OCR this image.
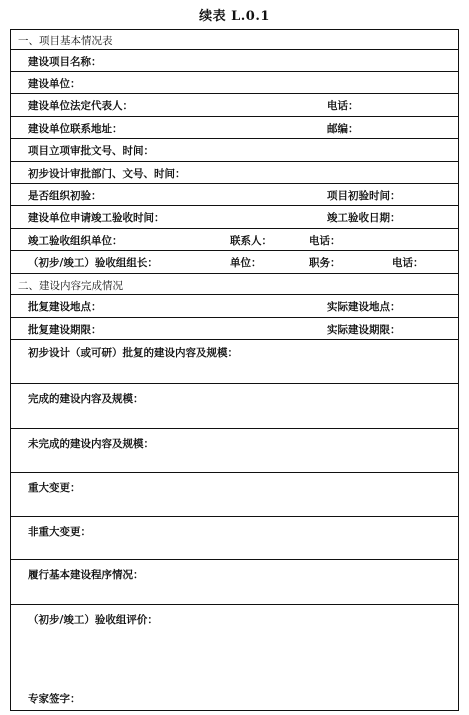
续表 L.0.1
一、项目基本情况表
建设项目名称：
建设单位：
建设单位法定代表人：	电话：
建设单位联系地址：	邮编：
项目立项审批文号、时间：
初步设计审批部门、文号、时间：
是否组织初验：	项目初验时间：
建设单位申请竣工验收时间：	竣工验收日期：
竣工验收组织单位：	联系人：	电话：
（初步/竣工）验收组组长：	单位：	职务：	电话：
二、建设内容完成情况
批复建设地点：	实际建设地点：
批复建设期限：	实际建设期限：
初步设计（或可研）批复的建设内容及规模：
完成的建设内容及规模：
未完成的建设内容及规模：
重大变更：
非重大变更：
履行基本建设程序情况：
（初步/竣工）验收组评价：
专家签字：
